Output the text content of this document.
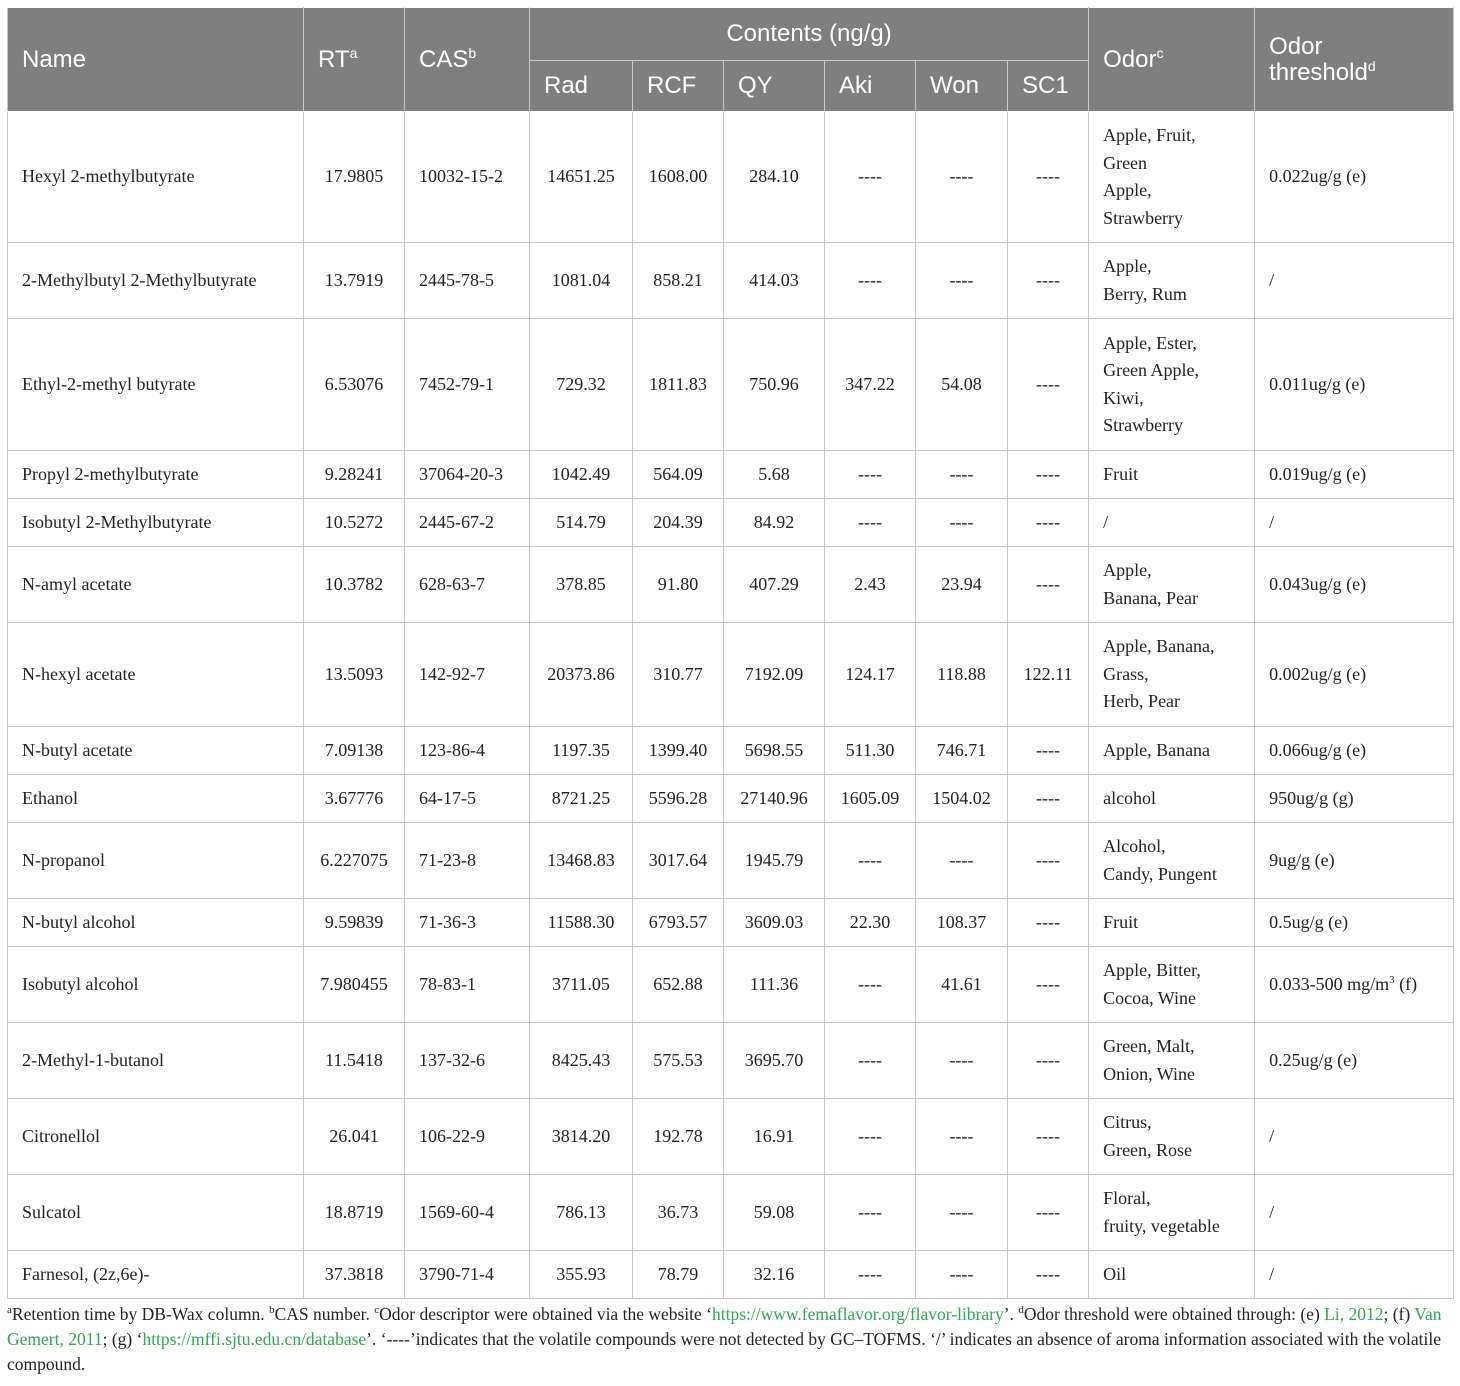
Name	$RT^a$	CAS$^b$	Contents (ng/g)						Odor$^c$	Odor
threshold$^d$
			Rad	RCF	QY	Aki	Won	SC1		
Hexyl 2-methylbutyrate	17.9805	10032-15-2	14651.25	1608.00	284.10	----	----	----	Apple, Fruit,
Green
Apple,
Strawberry	0.022ug/g (e)
2-Methylbutyl 2-Methylbutyrate	13.7919	2445-78-5	1081.04	858.21	414.03	----	----	----	Apple,
Berry, Rum	/
Ethyl-2-methyl butyrate	6.53076	7452-79-1	729.32	1811.83	750.96	347.22	54.08	----	Apple, Ester,
Green Apple,
Kiwi,
Strawberry	0.011ug/g (e)
Propyl 2-methylbutyrate	9.28241	37064-20-3	1042.49	564.09	5.68	----	----	----	Fruit	0.019ug/g (e)
Isobutyl 2-Methylbutyrate	10.5272	2445-67-2	514.79	204.39	84.92	----	----	----	/	/
N-amyl acetate	10.3782	628-63-7	378.85	91.80	407.29	2.43	23.94	----	Apple,
Banana, Pear	0.043ug/g (e)
N-hexyl acetate	13.5093	142-92-7	20373.86	310.77	7192.09	124.17	118.88	122.11	Apple, Banana,
Grass,
Herb, Pear	0.002ug/g (e)
N-butyl acetate	7.09138	123-86-4	1197.35	1399.40	5698.55	511.30	746.71	----	Apple, Banana	0.066ug/g (e)
Ethanol	3.67776	64-17-5	8721.25	5596.28	27140.96	1605.09	1504.02	----	alcohol	950ug/g (g)
N-propanol	6.227075	71-23-8	13468.83	3017.64	1945.79	----	----	----	Alcohol,
Candy, Pungent	9ug/g (e)
N-butyl alcohol	9.59839	71-36-3	11588.30	6793.57	3609.03	22.30	108.37	----	Fruit	0.5ug/g (e)
Isobutyl alcohol	7.980455	78-83-1	3711.05	652.88	111.36	----	41.61	----	Apple, Bitter,
Cocoa, Wine	0.033-500 $mg/m^3$ (f)
2-Methyl-1-butanol	11.5418	137-32-6	8425.43	575.53	3695.70	----	----	----	Green, Malt,
Onion, Wine	0.25ug/g (e)
Citronellol	26.041	106-22-9	3814.20	192.78	16.91	----	----	----	Citrus,
Green, Rose	/
Sulcatol	18.8719	1569-60-4	786.13	36.73	59.08	----	----	----	Floral,
fruity, vegetable	/
Farnesol, (2z,6e)-	37.3818	3790-71-4	355.93	78.79	32.16	----	----	----	Oil	/
$^a$Retention time by DB-Wax column. $^b$CAS number. $^c$Odor descriptor were obtained via the website ‘https://www.femaflavor.org/flavor-library’. $^d$Odor threshold were obtained through: (e) Li, 2012; (f) Van Gemert, 2011; (g) ‘https://mffi.sjtu.edu.cn/database’. ‘----’indicates that the volatile compounds were not detected by GC–TOFMS. ‘/’ indicates an absence of aroma information associated with the volatile compound.
